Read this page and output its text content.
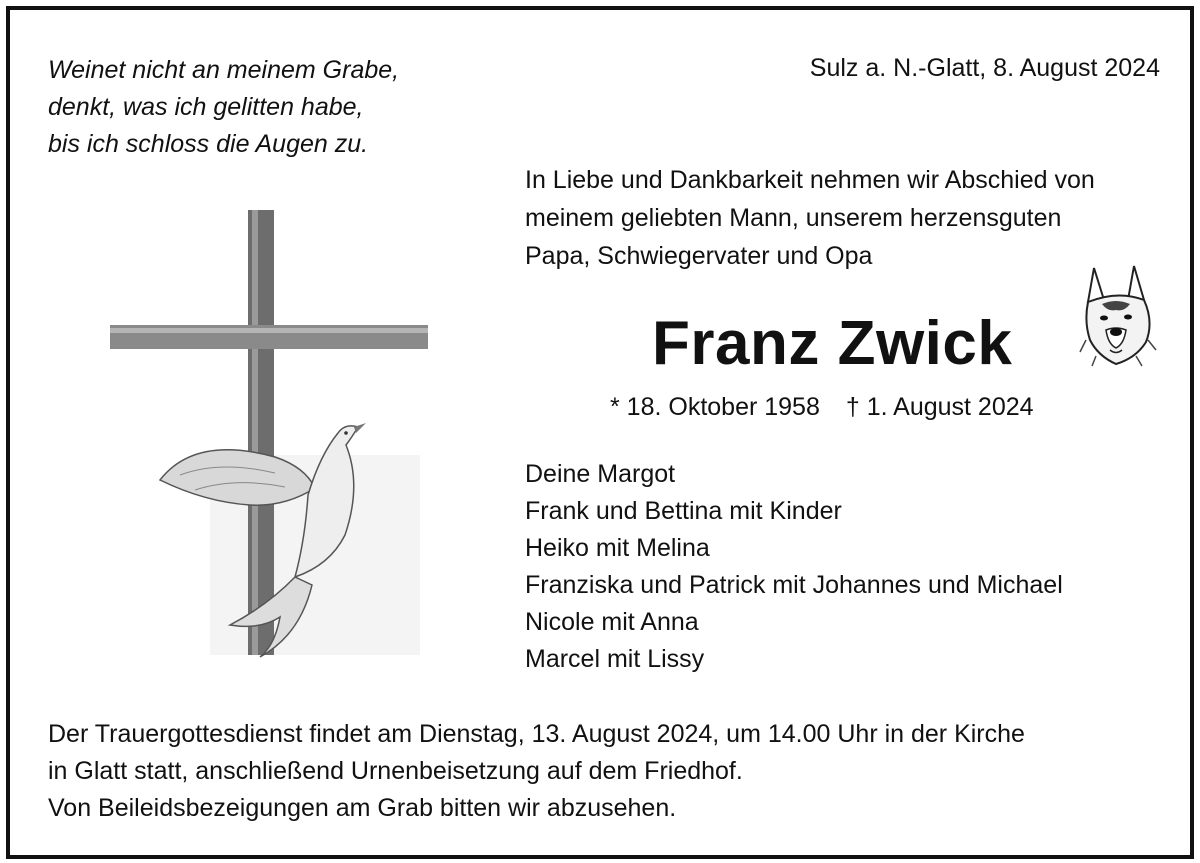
Weinet nicht an meinem Grabe,
denkt, was ich gelitten habe,
bis ich schloss die Augen zu.
Sulz a. N.-Glatt, 8. August 2024
In Liebe und Dankbarkeit nehmen wir Abschied von
meinem geliebten Mann, unserem herzensguten
Papa, Schwiegervater und Opa
Franz Zwick
* 18. Oktober 1958 † 1. August 2024
Deine Margot
Frank und Bettina mit Kinder
Heiko mit Melina
Franziska und Patrick mit Johannes und Michael
Nicole mit Anna
Marcel mit Lissy
Der Trauergottesdienst findet am Dienstag, 13. August 2024, um 14.00 Uhr in der Kirche
in Glatt statt, anschließend Urnenbeisetzung auf dem Friedhof.
Von Beileidsbezeigungen am Grab bitten wir abzusehen.
